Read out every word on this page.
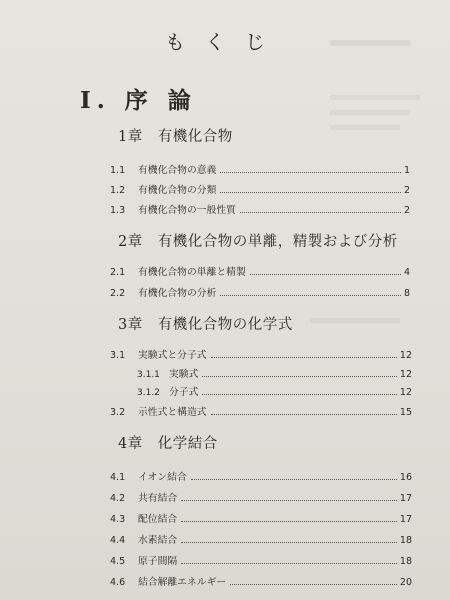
もくじ
I. 序 論
1章　有機化合物
1.1	有機化合物の意義	1
1.2	有機化合物の分類	2
1.3	有機化合物の一般性質	2
2章　有機化合物の単離，精製および分析
2.1	有機化合物の単離と精製	4
2.2	有機化合物の分析	8
3章　有機化合物の化学式
3.1	実験式と分子式	12
3.1.1 実験式	12
3.1.2 分子式	12
3.2	示性式と構造式	15
4章　化学結合
4.1	イオン結合	16
4.2	共有結合	17
4.3	配位結合	17
4.4	水素結合	18
4.5	原子間隔	18
4.6	結合解離エネルギー	20
